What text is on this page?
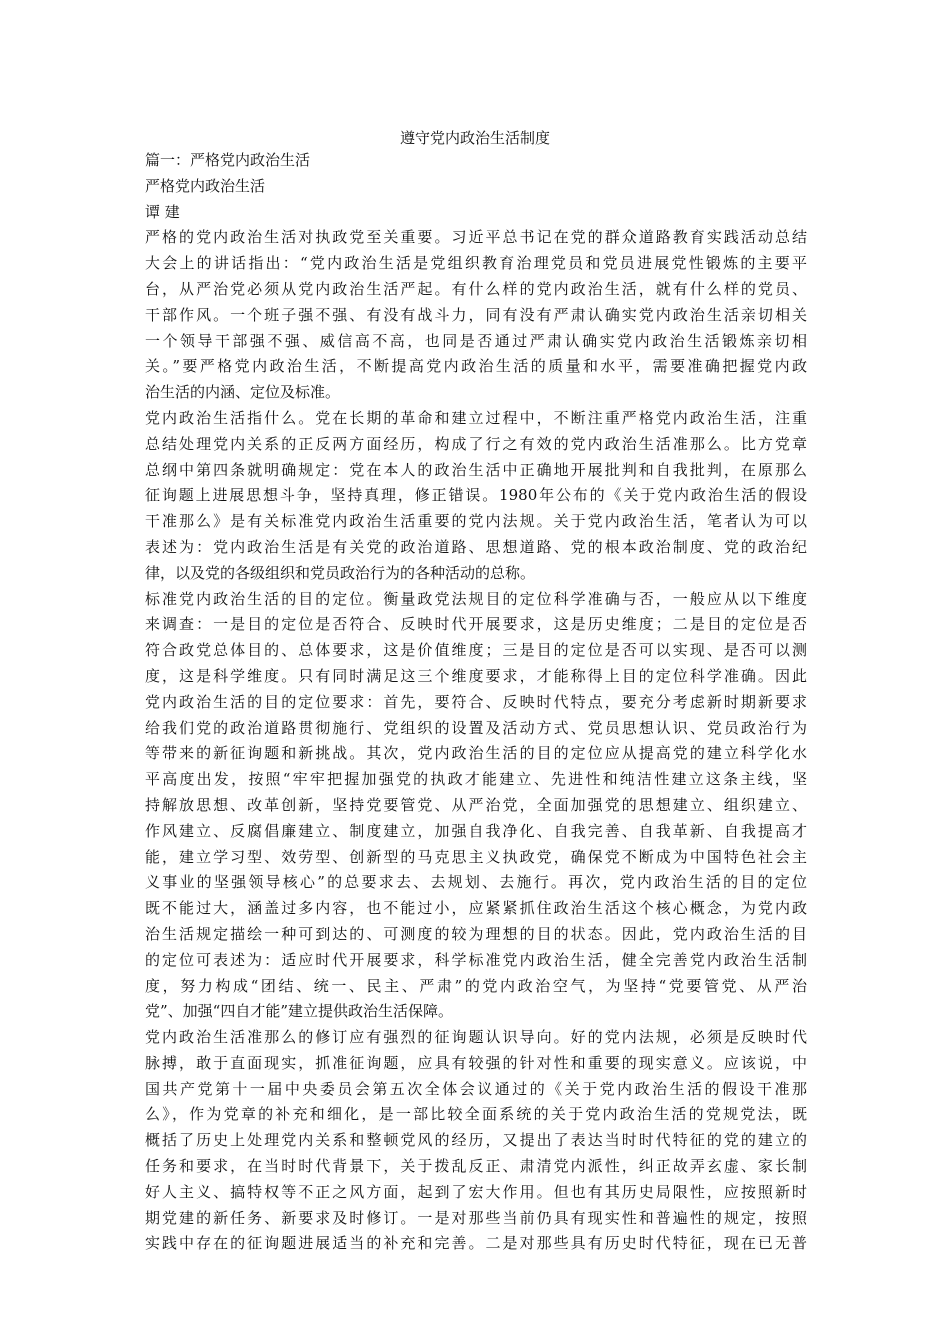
遵守党内政治生活制度
篇一：严格党内政治生活
严格党内政治生活
谭 建
严格的党内政治生活对执政党至关重要。习近平总书记在党的群众道路教育实践活动总结
大会上的讲话指出：“党内政治生活是党组织教育治理党员和党员进展党性锻炼的主要平
台，从严治党必须从党内政治生活严起。有什么样的党内政治生活，就有什么样的党员、
干部作风。一个班子强不强、有没有战斗力，同有没有严肃认确实党内政治生活亲切相关
一个领导干部强不强、威信高不高，也同是否通过严肃认确实党内政治生活锻炼亲切相
关。”要严格党内政治生活，不断提高党内政治生活的质量和水平，需要准确把握党内政
治生活的内涵、定位及标准。
党内政治生活指什么。党在长期的革命和建立过程中，不断注重严格党内政治生活，注重
总结处理党内关系的正反两方面经历，构成了行之有效的党内政治生活准那么。比方党章
总纲中第四条就明确规定：党在本人的政治生活中正确地开展批判和自我批判，在原那么
征询题上进展思想斗争，坚持真理，修正错误。1980年公布的《关于党内政治生活的假设
干准那么》是有关标准党内政治生活重要的党内法规。关于党内政治生活，笔者认为可以
表述为：党内政治生活是有关党的政治道路、思想道路、党的根本政治制度、党的政治纪
律，以及党的各级组织和党员政治行为的各种活动的总称。
标准党内政治生活的目的定位。衡量政党法规目的定位科学准确与否，一般应从以下维度
来调查：一是目的定位是否符合、反映时代开展要求，这是历史维度；二是目的定位是否
符合政党总体目的、总体要求，这是价值维度；三是目的定位是否可以实现、是否可以测
度，这是科学维度。只有同时满足这三个维度要求，才能称得上目的定位科学准确。因此
党内政治生活的目的定位要求：首先，要符合、反映时代特点，要充分考虑新时期新要求
给我们党的政治道路贯彻施行、党组织的设置及活动方式、党员思想认识、党员政治行为
等带来的新征询题和新挑战。其次，党内政治生活的目的定位应从提高党的建立科学化水
平高度出发，按照“牢牢把握加强党的执政才能建立、先进性和纯洁性建立这条主线，坚
持解放思想、改革创新，坚持党要管党、从严治党，全面加强党的思想建立、组织建立、
作风建立、反腐倡廉建立、制度建立，加强自我净化、自我完善、自我革新、自我提高才
能，建立学习型、效劳型、创新型的马克思主义执政党，确保党不断成为中国特色社会主
义事业的坚强领导核心”的总要求去、去规划、去施行。再次，党内政治生活的目的定位
既不能过大，涵盖过多内容，也不能过小，应紧紧抓住政治生活这个核心概念，为党内政
治生活规定描绘一种可到达的、可测度的较为理想的目的状态。因此，党内政治生活的目
的定位可表述为：适应时代开展要求，科学标准党内政治生活，健全完善党内政治生活制
度，努力构成“团结、统一、民主、严肃”的党内政治空气，为坚持“党要管党、从严治
党”、加强“四自才能”建立提供政治生活保障。
党内政治生活准那么的修订应有强烈的征询题认识导向。好的党内法规，必须是反映时代
脉搏，敢于直面现实，抓准征询题，应具有较强的针对性和重要的现实意义。应该说，中
国共产党第十一届中央委员会第五次全体会议通过的《关于党内政治生活的假设干准那
么》，作为党章的补充和细化，是一部比较全面系统的关于党内政治生活的党规党法，既
概括了历史上处理党内关系和整顿党风的经历，又提出了表达当时时代特征的党的建立的
任务和要求，在当时时代背景下，关于拨乱反正、肃清党内派性，纠正故弄玄虚、家长制
好人主义、搞特权等不正之风方面，起到了宏大作用。但也有其历史局限性，应按照新时
期党建的新任务、新要求及时修订。一是对那些当前仍具有现实性和普遍性的规定，按照
实践中存在的征询题进展适当的补充和完善。二是对那些具有历史时代特征，现在已无普
